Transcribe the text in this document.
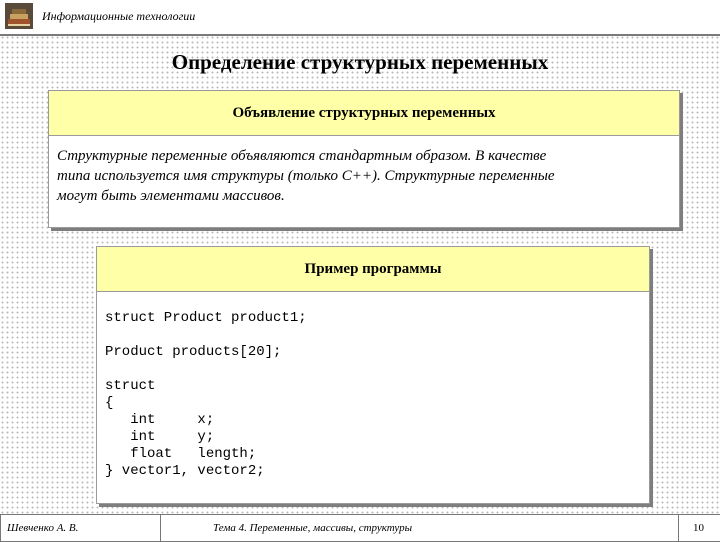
Информационные технологии
Определение структурных переменных
Объявление структурных переменных
Структурные переменные объявляются стандартным образом. В качестве
типа используется имя структуры (только С++). Структурные переменные
могут быть элементами массивов.
Пример программы
struct Product product1;
Product products[20];
struct
{
int     x;
int     y;
float   length;
} vector1, vector2;
Шевченко А. В.	Тема 4. Переменные, массивы, структуры	10
